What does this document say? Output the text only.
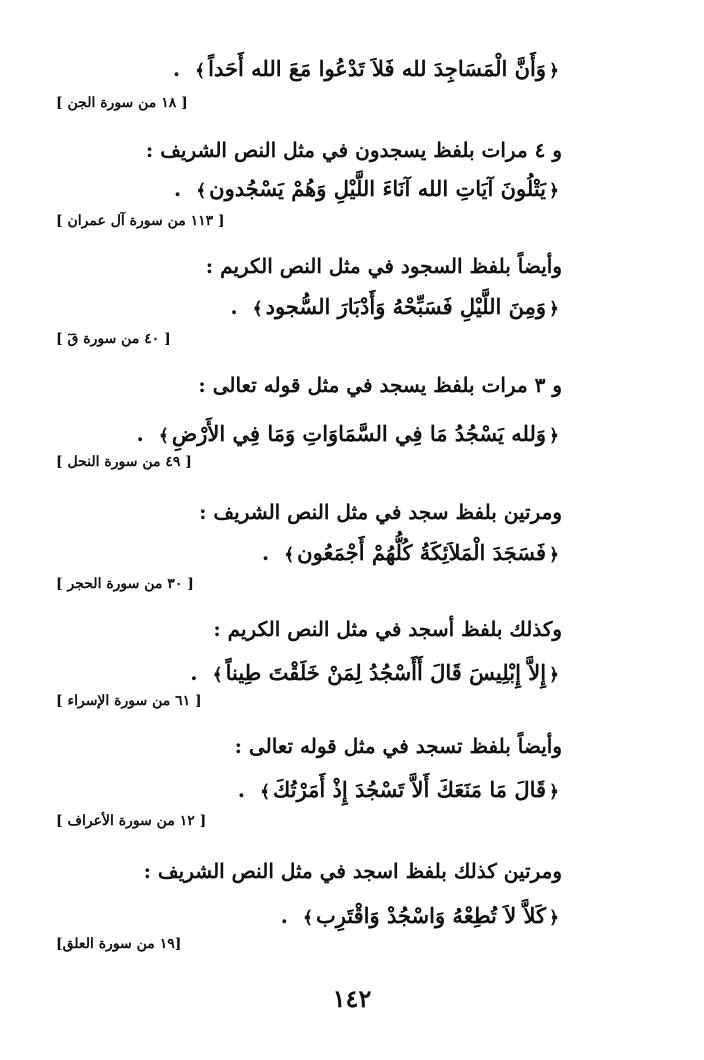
﴿وَأَنَّ الْمَسَاجِدَ لله فَلاَ تَدْعُوا مَعَ الله أَحَداً﴾.
[ ١٨ من سورة الجن ]
و ٤ مرات بلفظ يسجدون في مثل النص الشريف :
﴿يَتْلُونَ آيَاتِ الله آنَاءَ اللَّيْلِ وَهُمْ يَسْجُدون﴾.
[ ١١٣ من سورة آل عمران ]
وأيضاً بلفظ السجود في مثل النص الكريم :
﴿وَمِنَ اللَّيْلِ فَسَبِّحْهُ وَأَدْبَارَ السُّجود﴾.
[ ٤٠ من سورة قٓ ]
و ٣ مرات بلفظ يسجد في مثل قوله تعالى :
﴿وَلله يَسْجُدُ مَا فِي السَّمَاوَاتِ وَمَا فِي الأَرْضِ﴾.
[ ٤٩ من سورة النحل ]
ومرتين بلفظ سجد في مثل النص الشريف :
﴿فَسَجَدَ الْمَلاَئِكَةُ كُلُّهُمْ أَجْمَعُون﴾.
[ ٣٠ من سورة الحجر ]
وكذلك بلفظ أسجد في مثل النص الكريم :
﴿إِلاَّ إِبْلِيسَ قَالَ أَأَسْجُدُ لِمَنْ خَلَقْتَ طِيناً﴾.
[ ٦١ من سورة الإسراء ]
وأيضاً بلفظ تسجد في مثل قوله تعالى :
﴿قَالَ مَا مَنَعَكَ أَلاَّ تَسْجُدَ إِذْ أَمَرْتُكَ﴾.
[ ١٢ من سورة الأعراف ]
ومرتين كذلك بلفظ اسجد في مثل النص الشريف :
﴿كَلاَّ لاَ تُطِعْهُ وَاسْجُدْ وَاقْتَرِب﴾.
[١٩ من سورة العلق]
١٤٢
